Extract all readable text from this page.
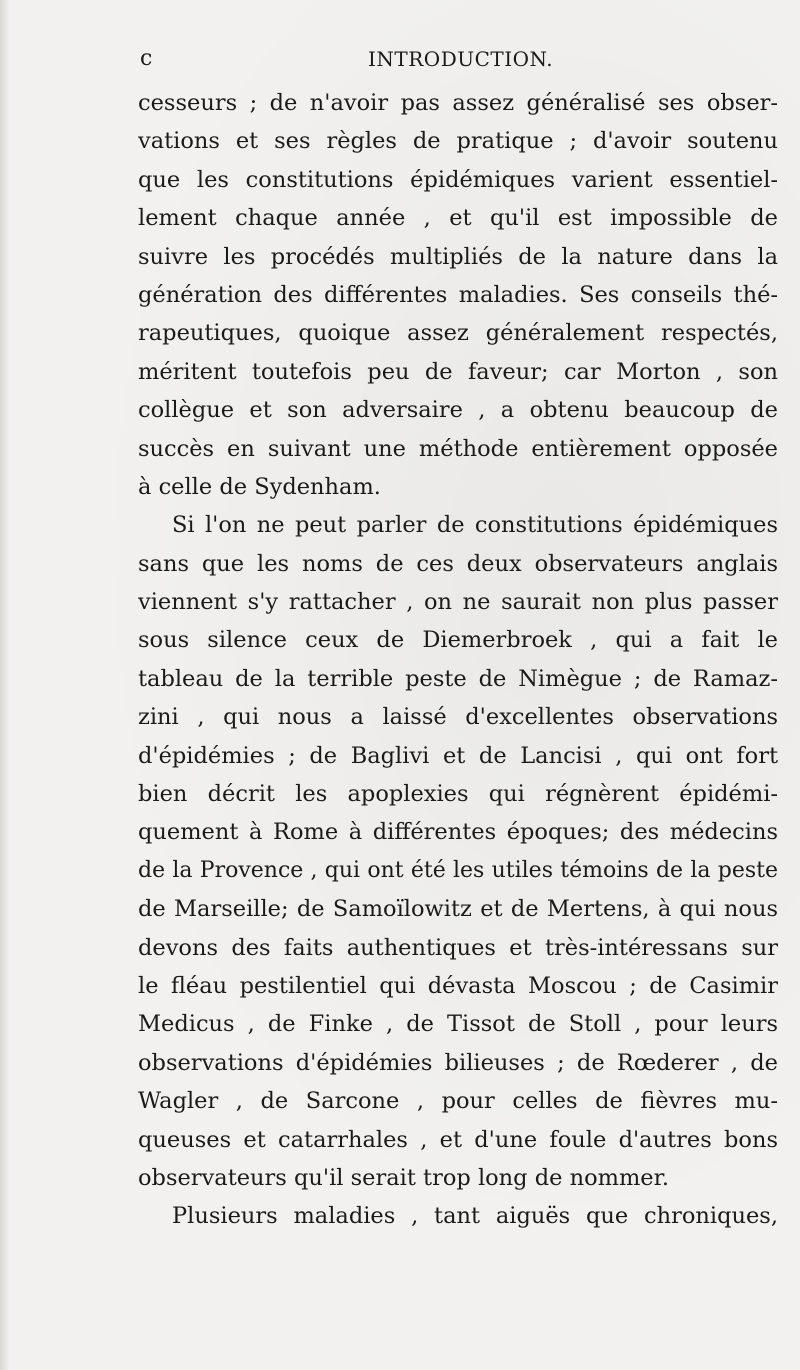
c	INTRODUCTION.
cesseurs ; de n'avoir pas assez généralisé ses obser-
vations et ses règles de pratique ; d'avoir soutenu
que les constitutions épidémiques varient essentiel-
lement chaque année , et qu'il est impossible de
suivre les procédés multipliés de la nature dans la
génération des différentes maladies. Ses conseils thé-
rapeutiques, quoique assez généralement respectés,
méritent toutefois peu de faveur; car Morton , son
collègue et son adversaire , a obtenu beaucoup de
succès en suivant une méthode entièrement opposée
à celle de Sydenham.
Si l'on ne peut parler de constitutions épidémiques
sans que les noms de ces deux observateurs anglais
viennent s'y rattacher , on ne saurait non plus passer
sous silence ceux de Diemerbroek , qui a fait le
tableau de la terrible peste de Nimègue ; de Ramaz-
zini , qui nous a laissé d'excellentes observations
d'épidémies ; de Baglivi et de Lancisi , qui ont fort
bien décrit les apoplexies qui régnèrent épidémi-
quement à Rome à différentes époques; des médecins
de la Provence , qui ont été les utiles témoins de la peste
de Marseille; de Samoïlowitz et de Mertens, à qui nous
devons des faits authentiques et très-intéressans sur
le fléau pestilentiel qui dévasta Moscou ; de Casimir
Medicus , de Finke , de Tissot de Stoll , pour leurs
observations d'épidémies bilieuses ; de Rœderer , de
Wagler , de Sarcone , pour celles de fièvres mu-
queuses et catarrhales , et d'une foule d'autres bons
observateurs qu'il serait trop long de nommer.
Plusieurs maladies , tant aiguës que chroniques,
